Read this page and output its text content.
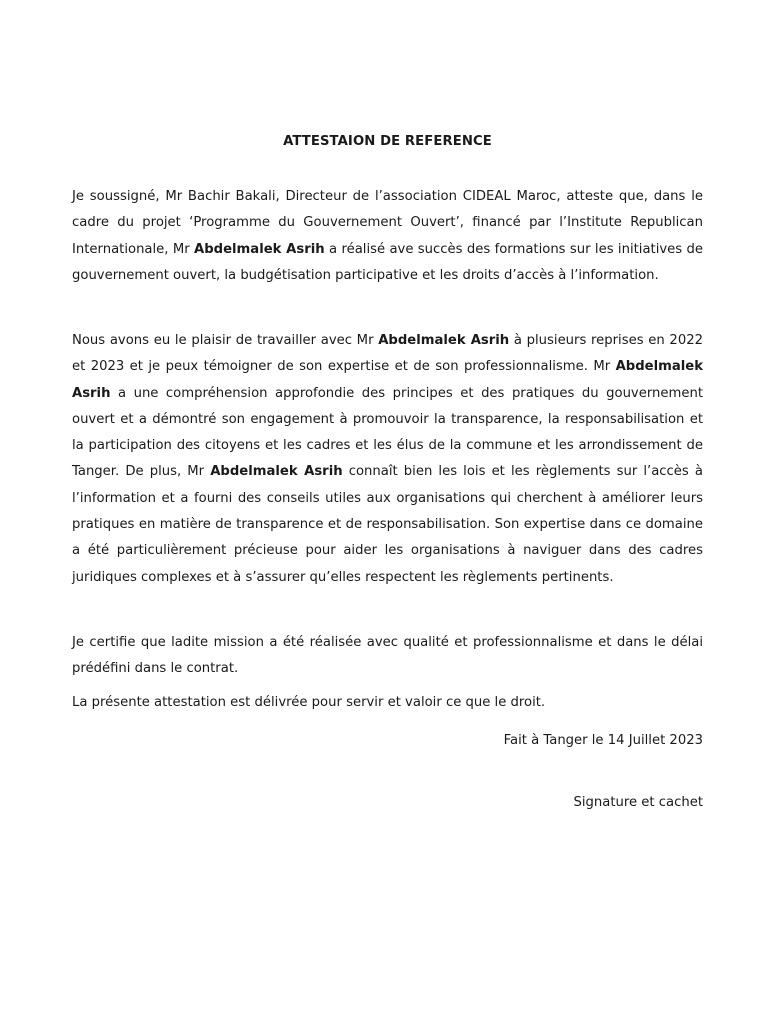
ATTESTAION DE REFERENCE

Je soussigné, Mr Bachir Bakali, Directeur de l’association CIDEAL Maroc, atteste que, dans le cadre du projet ‘Programme du Gouvernement Ouvert’, financé par l’Institute Republican Internationale, Mr Abdelmalek Asrih a réalisé ave succès des formations sur les initiatives de gouvernement ouvert, la budgétisation participative et les droits d’accès à l’information.

Nous avons eu le plaisir de travailler avec Mr Abdelmalek Asrih à plusieurs reprises en 2022 et 2023 et je peux témoigner de son expertise et de son professionnalisme. Mr Abdelmalek Asrih a une compréhension approfondie des principes et des pratiques du gouvernement ouvert et a démontré son engagement à promouvoir la transparence, la responsabilisation et la participation des citoyens et les cadres et les élus de la commune et les arrondissement de Tanger. De plus, Mr Abdelmalek Asrih connaît bien les lois et les règlements sur l’accès à l’information et a fourni des conseils utiles aux organisations qui cherchent à améliorer leurs pratiques en matière de transparence et de responsabilisation. Son expertise dans ce domaine a été particulièrement précieuse pour aider les organisations à naviguer dans des cadres juridiques complexes et à s’assurer qu’elles respectent les règlements pertinents.

Je certifie que ladite mission a été réalisée avec qualité et professionnalisme et dans le délai prédéfini dans le contrat.

La présente attestation est délivrée pour servir et valoir ce que le droit.

Fait à Tanger le 14 Juillet 2023

Signature et cachet
